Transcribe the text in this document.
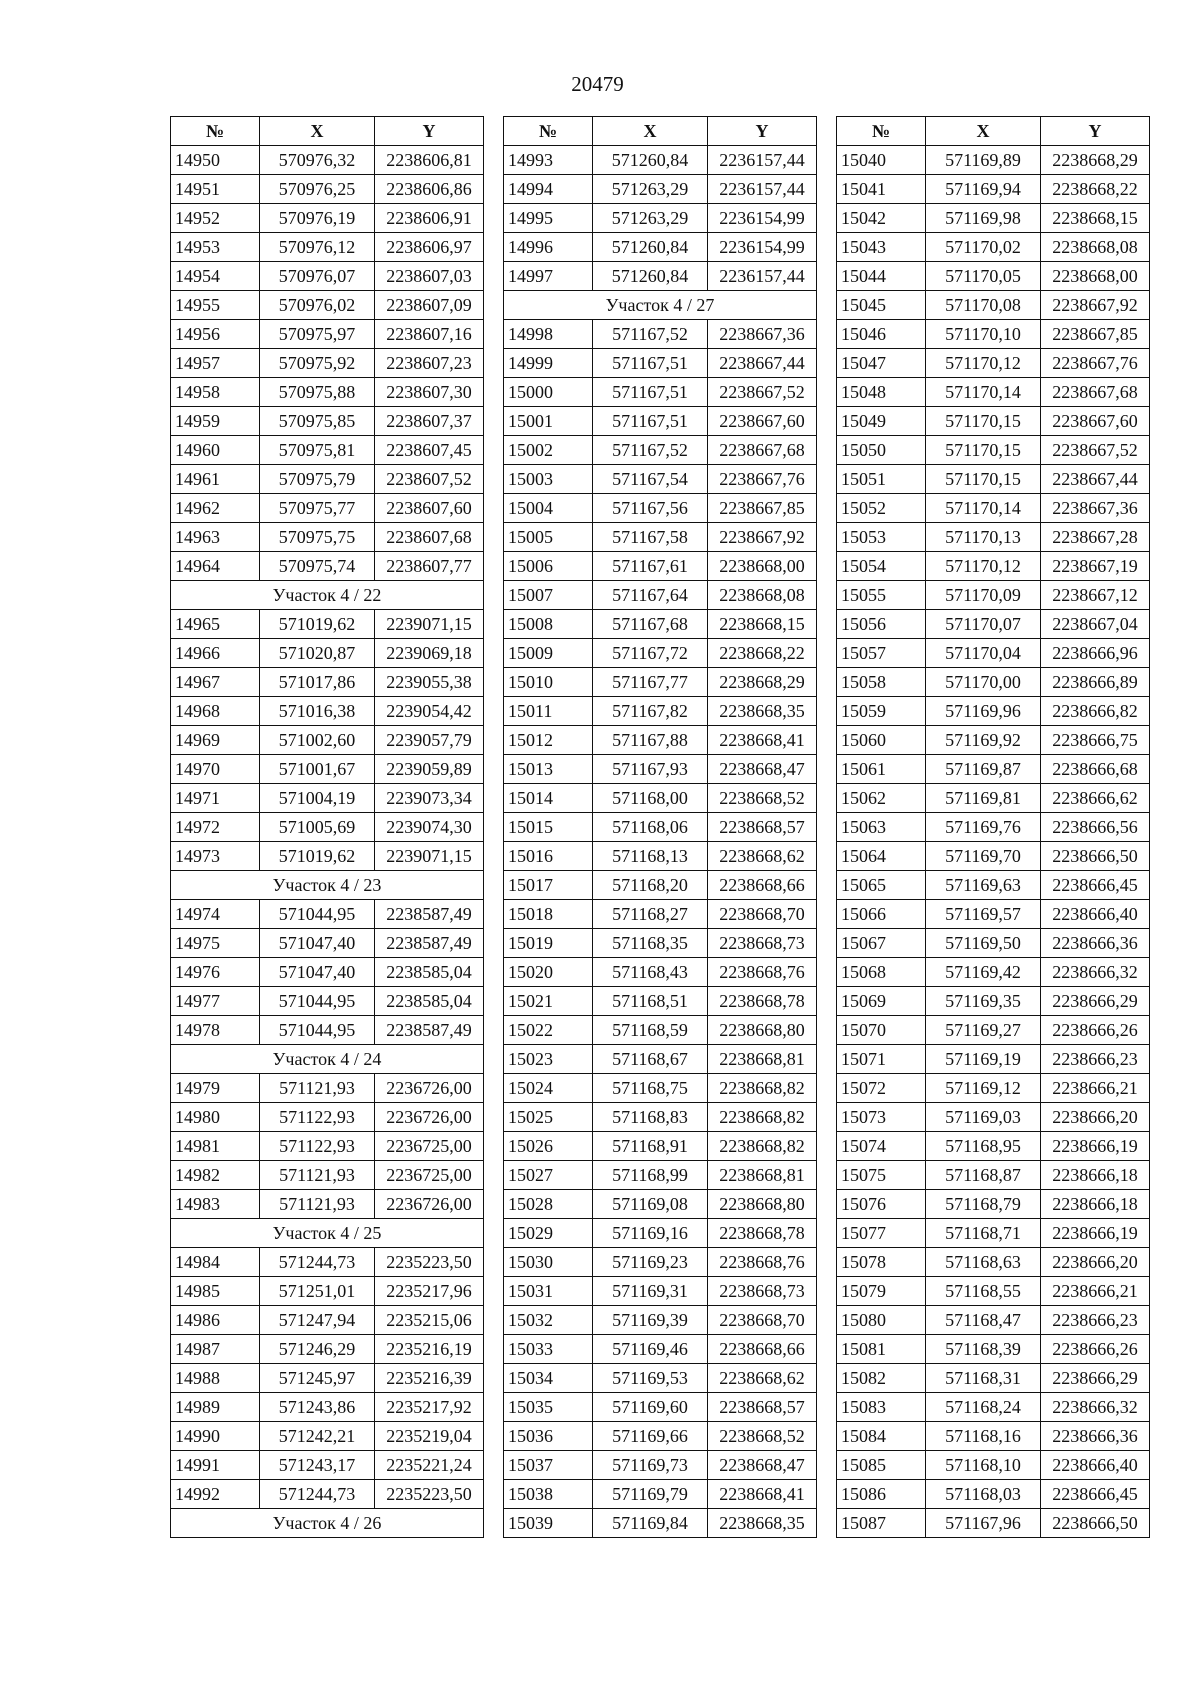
20479
№	X	Y
14950	570976,32	2238606,81
14951	570976,25	2238606,86
14952	570976,19	2238606,91
14953	570976,12	2238606,97
14954	570976,07	2238607,03
14955	570976,02	2238607,09
14956	570975,97	2238607,16
14957	570975,92	2238607,23
14958	570975,88	2238607,30
14959	570975,85	2238607,37
14960	570975,81	2238607,45
14961	570975,79	2238607,52
14962	570975,77	2238607,60
14963	570975,75	2238607,68
14964	570975,74	2238607,77
Участок 4 / 22		
14965	571019,62	2239071,15
14966	571020,87	2239069,18
14967	571017,86	2239055,38
14968	571016,38	2239054,42
14969	571002,60	2239057,79
14970	571001,67	2239059,89
14971	571004,19	2239073,34
14972	571005,69	2239074,30
14973	571019,62	2239071,15
Участок 4 / 23		
14974	571044,95	2238587,49
14975	571047,40	2238587,49
14976	571047,40	2238585,04
14977	571044,95	2238585,04
14978	571044,95	2238587,49
Участок 4 / 24		
14979	571121,93	2236726,00
14980	571122,93	2236726,00
14981	571122,93	2236725,00
14982	571121,93	2236725,00
14983	571121,93	2236726,00
Участок 4 / 25		
14984	571244,73	2235223,50
14985	571251,01	2235217,96
14986	571247,94	2235215,06
14987	571246,29	2235216,19
14988	571245,97	2235216,39
14989	571243,86	2235217,92
14990	571242,21	2235219,04
14991	571243,17	2235221,24
14992	571244,73	2235223,50
Участок 4 / 26		
№	X	Y
14993	571260,84	2236157,44
14994	571263,29	2236157,44
14995	571263,29	2236154,99
14996	571260,84	2236154,99
14997	571260,84	2236157,44
Участок 4 / 27		
14998	571167,52	2238667,36
14999	571167,51	2238667,44
15000	571167,51	2238667,52
15001	571167,51	2238667,60
15002	571167,52	2238667,68
15003	571167,54	2238667,76
15004	571167,56	2238667,85
15005	571167,58	2238667,92
15006	571167,61	2238668,00
15007	571167,64	2238668,08
15008	571167,68	2238668,15
15009	571167,72	2238668,22
15010	571167,77	2238668,29
15011	571167,82	2238668,35
15012	571167,88	2238668,41
15013	571167,93	2238668,47
15014	571168,00	2238668,52
15015	571168,06	2238668,57
15016	571168,13	2238668,62
15017	571168,20	2238668,66
15018	571168,27	2238668,70
15019	571168,35	2238668,73
15020	571168,43	2238668,76
15021	571168,51	2238668,78
15022	571168,59	2238668,80
15023	571168,67	2238668,81
15024	571168,75	2238668,82
15025	571168,83	2238668,82
15026	571168,91	2238668,82
15027	571168,99	2238668,81
15028	571169,08	2238668,80
15029	571169,16	2238668,78
15030	571169,23	2238668,76
15031	571169,31	2238668,73
15032	571169,39	2238668,70
15033	571169,46	2238668,66
15034	571169,53	2238668,62
15035	571169,60	2238668,57
15036	571169,66	2238668,52
15037	571169,73	2238668,47
15038	571169,79	2238668,41
15039	571169,84	2238668,35
№	X	Y
15040	571169,89	2238668,29
15041	571169,94	2238668,22
15042	571169,98	2238668,15
15043	571170,02	2238668,08
15044	571170,05	2238668,00
15045	571170,08	2238667,92
15046	571170,10	2238667,85
15047	571170,12	2238667,76
15048	571170,14	2238667,68
15049	571170,15	2238667,60
15050	571170,15	2238667,52
15051	571170,15	2238667,44
15052	571170,14	2238667,36
15053	571170,13	2238667,28
15054	571170,12	2238667,19
15055	571170,09	2238667,12
15056	571170,07	2238667,04
15057	571170,04	2238666,96
15058	571170,00	2238666,89
15059	571169,96	2238666,82
15060	571169,92	2238666,75
15061	571169,87	2238666,68
15062	571169,81	2238666,62
15063	571169,76	2238666,56
15064	571169,70	2238666,50
15065	571169,63	2238666,45
15066	571169,57	2238666,40
15067	571169,50	2238666,36
15068	571169,42	2238666,32
15069	571169,35	2238666,29
15070	571169,27	2238666,26
15071	571169,19	2238666,23
15072	571169,12	2238666,21
15073	571169,03	2238666,20
15074	571168,95	2238666,19
15075	571168,87	2238666,18
15076	571168,79	2238666,18
15077	571168,71	2238666,19
15078	571168,63	2238666,20
15079	571168,55	2238666,21
15080	571168,47	2238666,23
15081	571168,39	2238666,26
15082	571168,31	2238666,29
15083	571168,24	2238666,32
15084	571168,16	2238666,36
15085	571168,10	2238666,40
15086	571168,03	2238666,45
15087	571167,96	2238666,50
